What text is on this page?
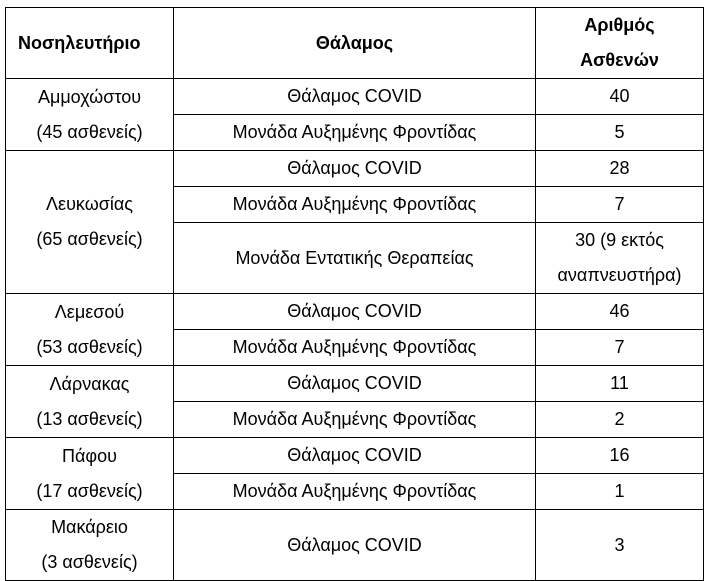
Νοσηλευτήριο	Θάλαμος	Αριθμός
Ασθενών

Αμμοχώστου
(45 ασθενείς)	Θάλαμος COVID	40
	Μονάδα Αυξημένης Φροντίδας	5

Λευκωσίας
(65 ασθενείς)	Θάλαμος COVID	28
	Μονάδα Αυξημένης Φροντίδας	7
	Μονάδα Εντατικής Θεραπείας	30 (9 εκτός
αναπνευστήρα)

Λεμεσού
(53 ασθενείς)	Θάλαμος COVID	46
	Μονάδα Αυξημένης Φροντίδας	7

Λάρνακας
(13 ασθενείς)	Θάλαμος COVID	11
	Μονάδα Αυξημένης Φροντίδας	2

Πάφου
(17 ασθενείς)	Θάλαμος COVID	16
	Μονάδα Αυξημένης Φροντίδας	1

Μακάρειο
(3 ασθενείς)	Θάλαμος COVID	3
